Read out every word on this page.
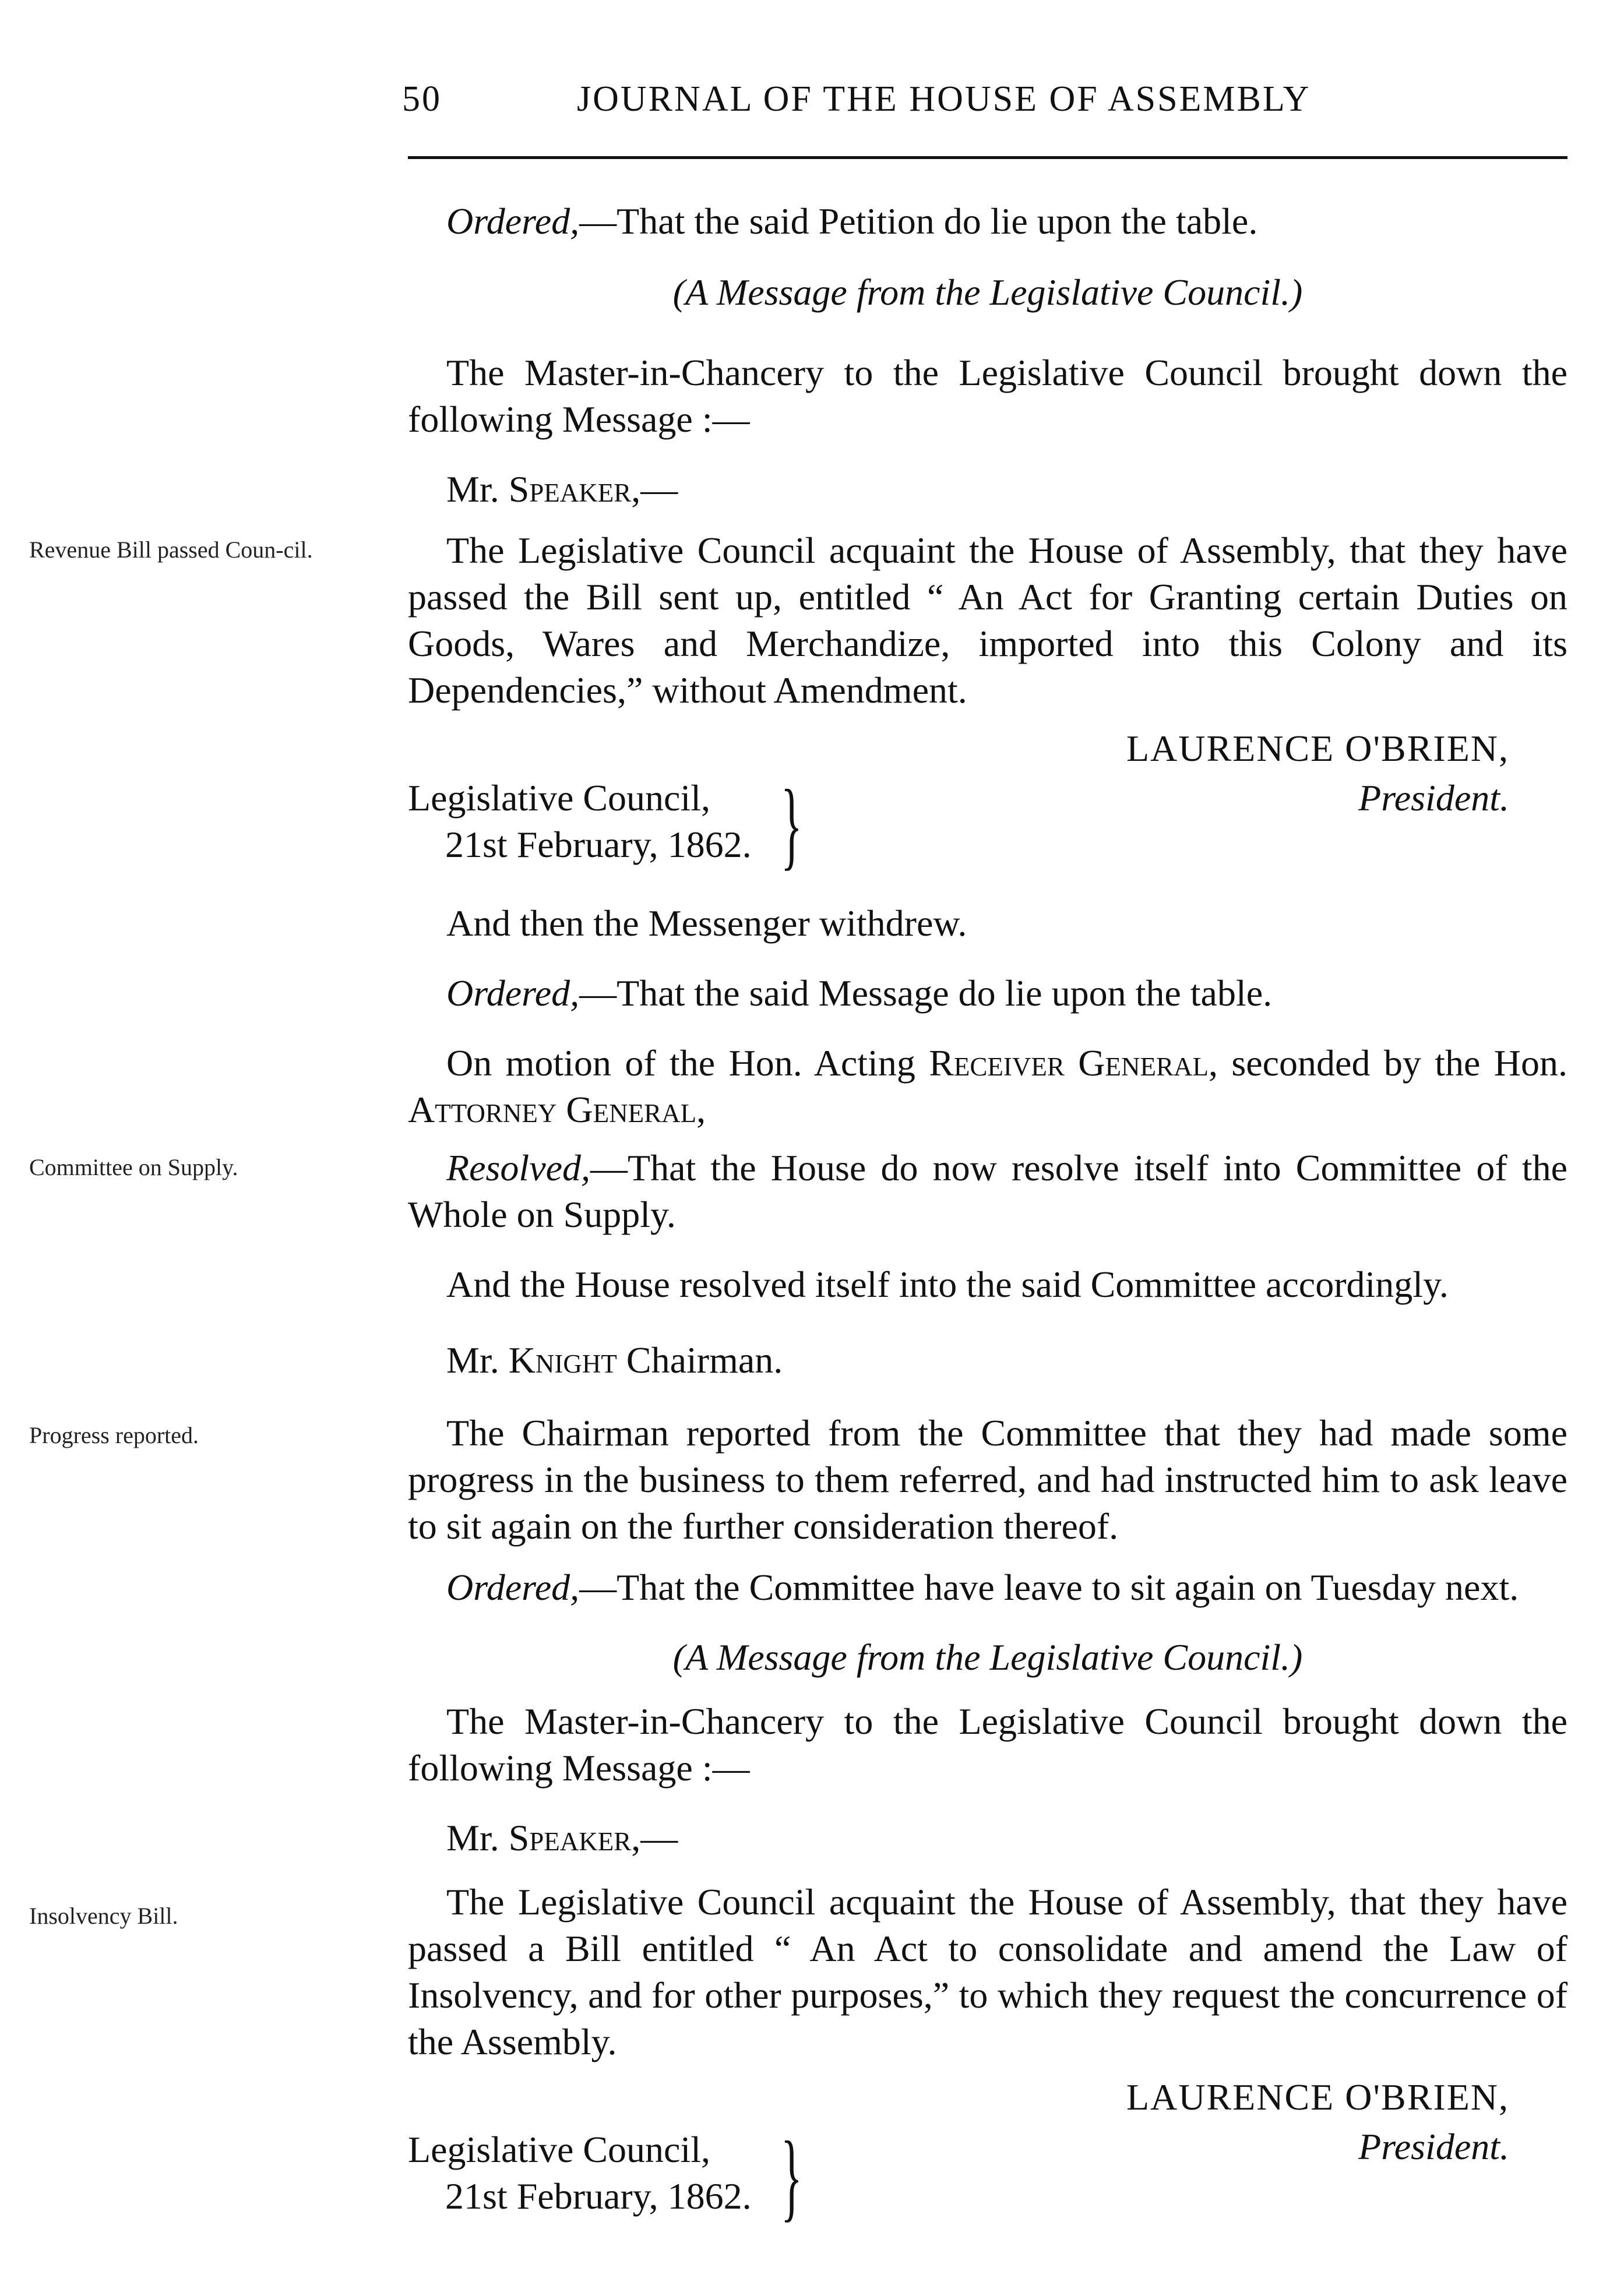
50	JOURNAL OF THE HOUSE OF ASSEMBLY
Revenue Bill passed Coun-cil.
Committee on Supply.
Progress reported.
Insolvency Bill.
Ordered,—That the said Petition do lie upon the table.
(A Message from the Legislative Council.)
The Master-in-Chancery to the Legislative Council brought down the following Message :—
Mr. Speaker,—
The Legislative Council acquaint the House of Assembly, that they have passed the Bill sent up, entitled “ An Act for Granting certain Duties on Goods, Wares and Merchandize, imported into this Colony and its Dependencies,” without Amendment.
LAURENCE O'BRIEN,
President.
Legislative Council,
21st February, 1862. }
And then the Messenger withdrew.
Ordered,—That the said Message do lie upon the table.
On motion of the Hon. Acting Receiver General, seconded by the Hon. Attorney General,
Resolved,—That the House do now resolve itself into Committee of the Whole on Supply.
And the House resolved itself into the said Committee accordingly.
Mr. Knight Chairman.
The Chairman reported from the Committee that they had made some progress in the business to them referred, and had instructed him to ask leave to sit again on the further consideration thereof.
Ordered,—That the Committee have leave to sit again on Tuesday next.
(A Message from the Legislative Council.)
The Master-in-Chancery to the Legislative Council brought down the following Message :—
Mr. Speaker,—
The Legislative Council acquaint the House of Assembly, that they have passed a Bill entitled “ An Act to consolidate and amend the Law of Insolvency, and for other purposes,” to which they request the concurrence of the Assembly.
LAURENCE O'BRIEN,
President.
Legislative Council,
21st February, 1862. }
